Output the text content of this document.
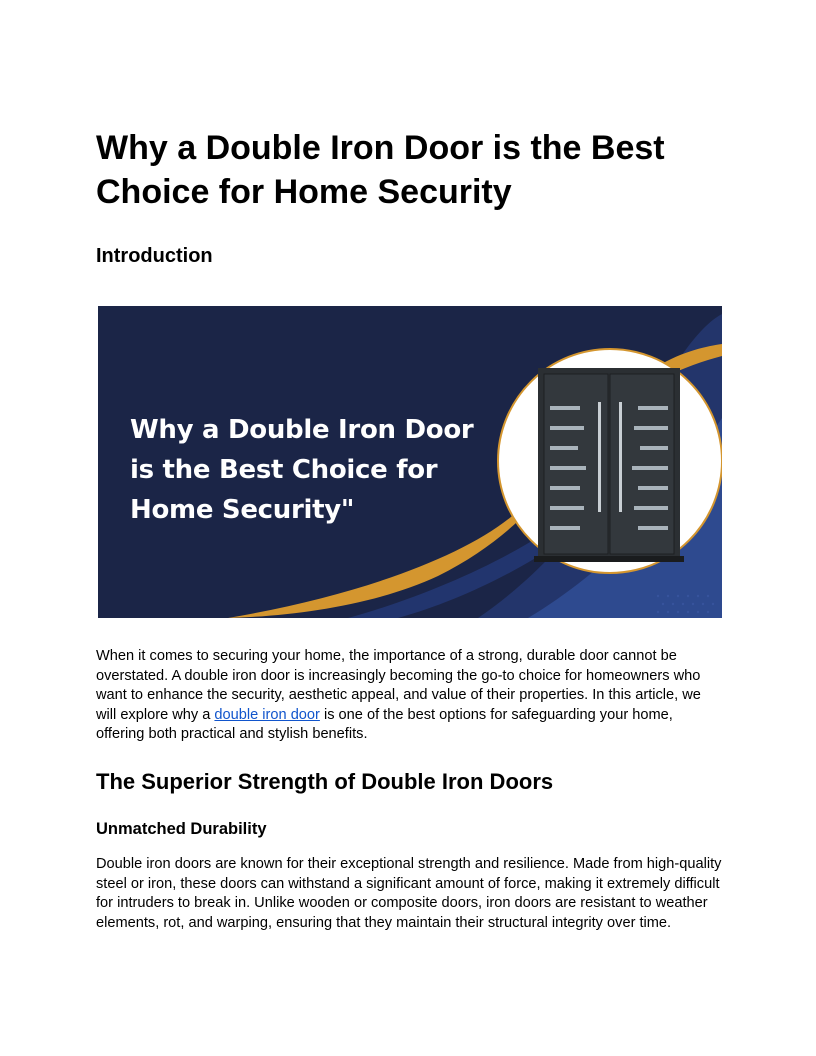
Why a Double Iron Door is the Best Choice for Home Security
Introduction
Why a Double Iron Door
is the Best Choice for
Home Security"

When it comes to securing your home, the importance of a strong, durable door cannot be overstated. A double iron door is increasingly becoming the go-to choice for homeowners who want to enhance the security, aesthetic appeal, and value of their properties. In this article, we will explore why a double iron door is one of the best options for safeguarding your home, offering both practical and stylish benefits.

The Superior Strength of Double Iron Doors
Unmatched Durability

Double iron doors are known for their exceptional strength and resilience. Made from high-quality steel or iron, these doors can withstand a significant amount of force, making it extremely difficult for intruders to break in. Unlike wooden or composite doors, iron doors are resistant to weather elements, rot, and warping, ensuring that they maintain their structural integrity over time.
